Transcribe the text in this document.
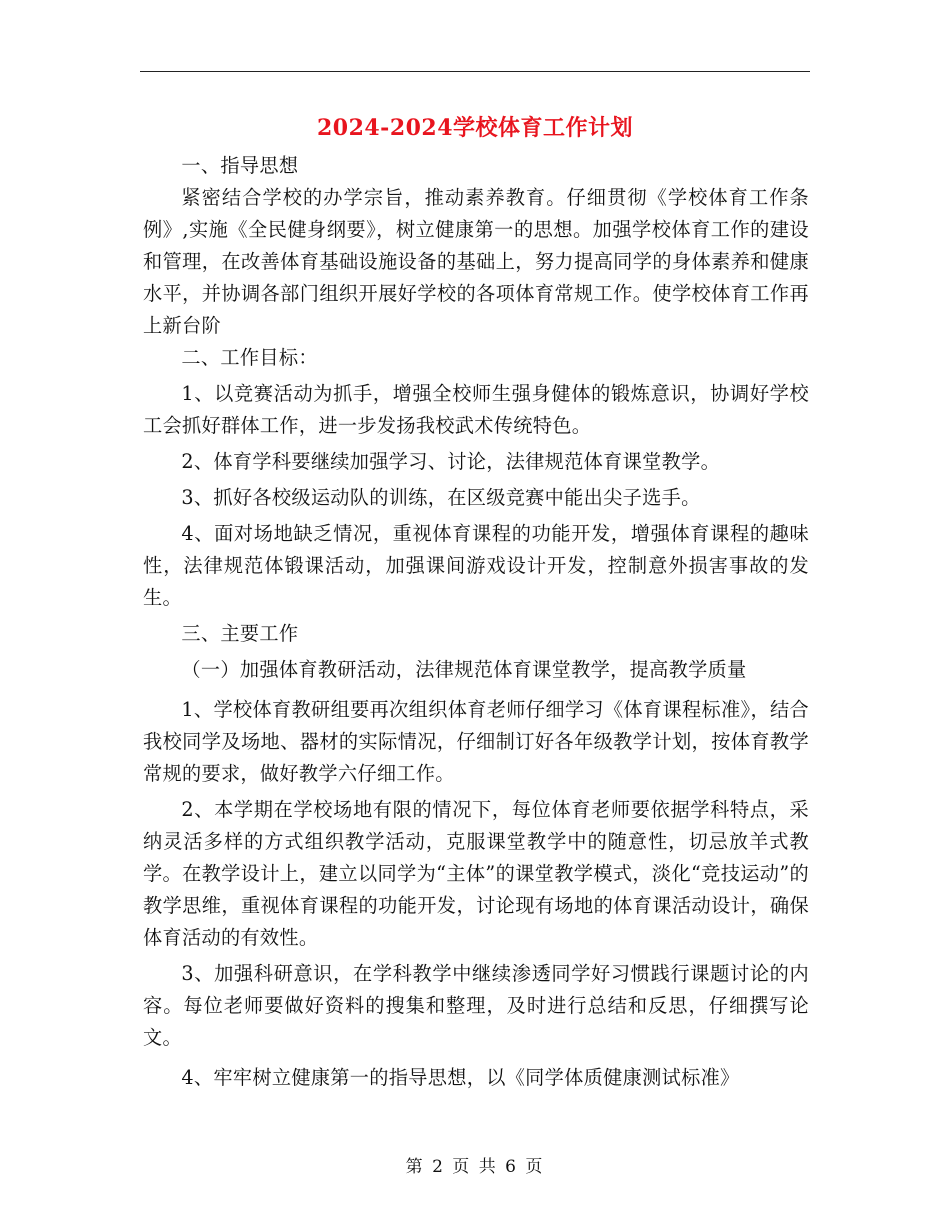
2024-2024学校体育工作计划

一、指导思想

紧密结合学校的办学宗旨，推动素养教育。仔细贯彻《学校体育工作条例》,实施《全民健身纲要》，树立健康第一的思想。加强学校体育工作的建设和管理，在改善体育基础设施设备的基础上，努力提高同学的身体素养和健康水平，并协调各部门组织开展好学校的各项体育常规工作。使学校体育工作再上新台阶

二、工作目标：

1、以竞赛活动为抓手，增强全校师生强身健体的锻炼意识，协调好学校工会抓好群体工作，进一步发扬我校武术传统特色。

2、体育学科要继续加强学习、讨论，法律规范体育课堂教学。

3、抓好各校级运动队的训练，在区级竞赛中能出尖子选手。

4、面对场地缺乏情况，重视体育课程的功能开发，增强体育课程的趣味性，法律规范体锻课活动，加强课间游戏设计开发，控制意外损害事故的发生。

三、主要工作

（一）加强体育教研活动，法律规范体育课堂教学，提高教学质量

1、学校体育教研组要再次组织体育老师仔细学习《体育课程标准》，结合我校同学及场地、器材的实际情况，仔细制订好各年级教学计划，按体育教学常规的要求，做好教学六仔细工作。

2、本学期在学校场地有限的情况下，每位体育老师要依据学科特点，采纳灵活多样的方式组织教学活动，克服课堂教学中的随意性，切忌放羊式教学。在教学设计上，建立以同学为“主体”的课堂教学模式，淡化“竞技运动”的教学思维，重视体育课程的功能开发，讨论现有场地的体育课活动设计，确保体育活动的有效性。

3、加强科研意识，在学科教学中继续渗透同学好习惯践行课题讨论的内容。每位老师要做好资料的搜集和整理，及时进行总结和反思，仔细撰写论文。

4、牢牢树立健康第一的指导思想，以《同学体质健康测试标准》

第 2 页 共 6 页
